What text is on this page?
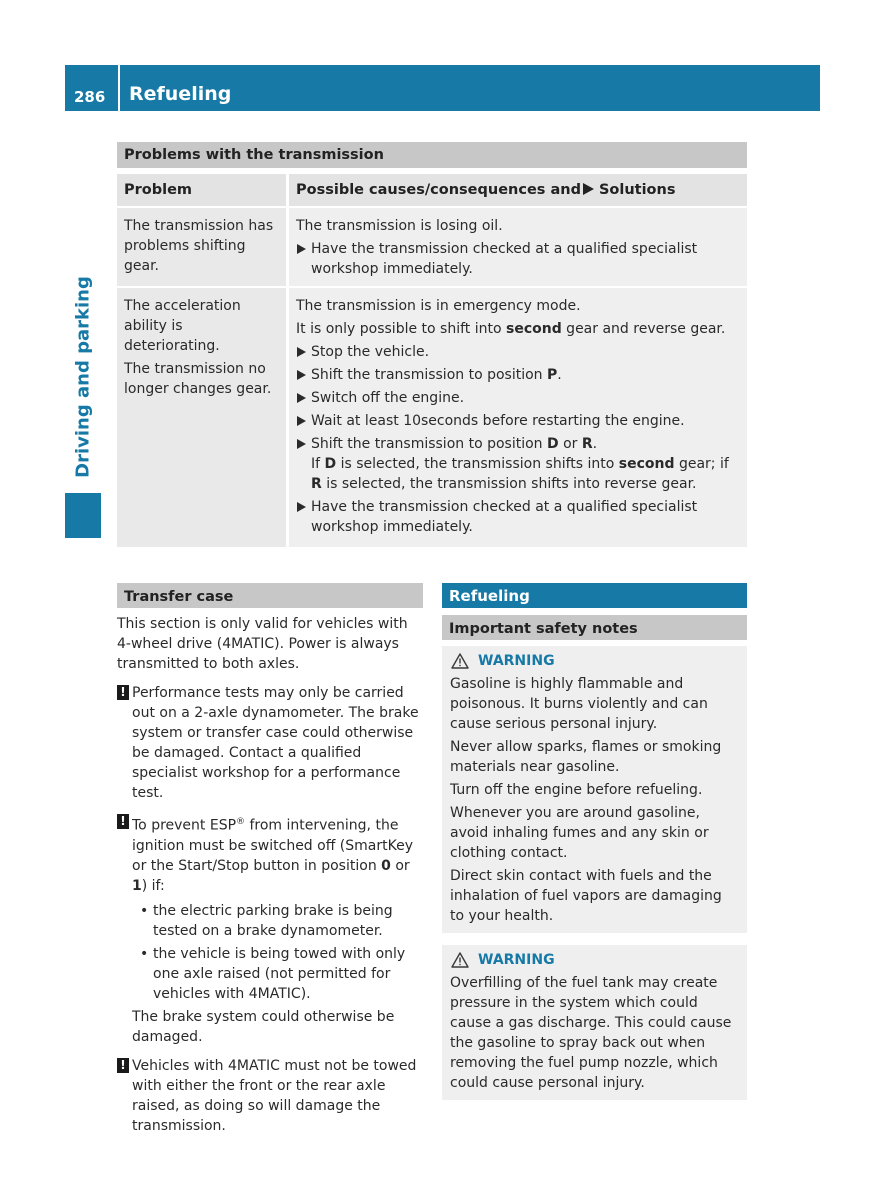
286 Refueling
Driving and parking
Problems with the transmission
Problem	Possible causes/consequences and Solutions
The transmission has problems shifting gear.

The transmission is losing oil.

Have the transmission checked at a qualified specialist workshop immediately.

The acceleration ability is deteriorating.

The transmission no longer changes gear.

The transmission is in emergency mode.

It is only possible to shift into second gear and reverse gear.

Stop the vehicle.
Shift the transmission to position P.
Switch off the engine.
Wait at least 10seconds before restarting the engine.
Shift the transmission to position D or R.
If D is selected, the transmission shifts into second gear; if R is selected, the transmission shifts into reverse gear.
Have the transmission checked at a qualified specialist workshop immediately.
Transfer case

This section is only valid for vehicles with 4-wheel drive (4MATIC). Power is always transmitted to both axles.

! Performance tests may only be carried out on a 2-axle dynamometer. The brake system or transfer case could otherwise be damaged. Contact a qualified specialist workshop for a performance test.
! To prevent ESP® from intervening, the ignition must be switched off (SmartKey or the Start/Stop button in position 0 or 1) if:
• the electric parking brake is being tested on a brake dynamometer.
• the vehicle is being towed with only one axle raised (not permitted for vehicles with 4MATIC).
The brake system could otherwise be damaged.
! Vehicles with 4MATIC must not be towed with either the front or the rear axle raised, as doing so will damage the transmission.
Refueling
Important safety notes
WARNING

Gasoline is highly flammable and poisonous. It burns violently and can cause serious personal injury.

Never allow sparks, flames or smoking materials near gasoline.

Turn off the engine before refueling.

Whenever you are around gasoline, avoid inhaling fumes and any skin or clothing contact.

Direct skin contact with fuels and the inhalation of fuel vapors are damaging to your health.

WARNING

Overfilling of the fuel tank may create pressure in the system which could cause a gas discharge. This could cause the gasoline to spray back out when removing the fuel pump nozzle, which could cause personal injury.
